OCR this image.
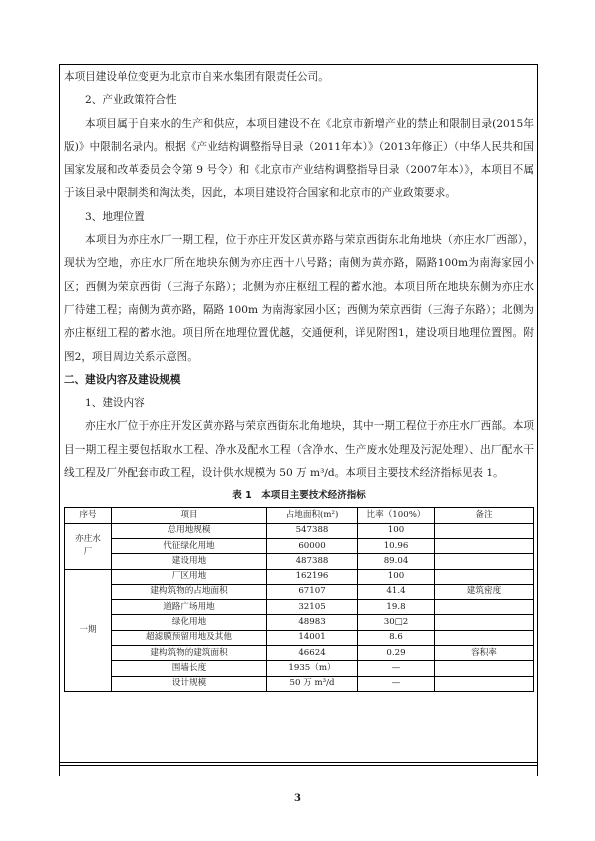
本项目建设单位变更为北京市自来水集团有限责任公司。

2、产业政策符合性

本项目属于自来水的生产和供应，本项目建设不在《北京市新增产业的禁止和限制目录(2015年版)》中限制名录内。根据《产业结构调整指导目录（2011年本）》（2013年修正）（中华人民共和国国家发展和改革委员会令第 9 号令）和《北京市产业结构调整指导目录（2007年本）》，本项目不属于该目录中限制类和淘汰类，因此，本项目建设符合国家和北京市的产业政策要求。

3、地理位置

本项目为亦庄水厂一期工程，位于亦庄开发区黄亦路与荣京西街东北角地块（亦庄水厂西部），现状为空地，亦庄水厂所在地块东侧为亦庄西十八号路；南侧为黄亦路，隔路100m为南海家园小区；西侧为荣京西街（三海子东路）；北侧为亦庄枢纽工程的蓄水池。本项目所在地块东侧为亦庄水厂待建工程；南侧为黄亦路，隔路 100m 为南海家园小区；西侧为荣京西街（三海子东路）；北侧为亦庄枢纽工程的蓄水池。项目所在地理位置优越，交通便利，详见附图1，建设项目地理位置图。附图2，项目周边关系示意图。

二、建设内容及建设规模

1、建设内容

亦庄水厂位于亦庄开发区黄亦路与荣京西街东北角地块，其中一期工程位于亦庄水厂西部。本项目一期工程主要包括取水工程、净水及配水工程（含净水、生产废水处理及污泥处理）、出厂配水干线工程及厂外配套市政工程，设计供水规模为 50 万 m³/d。本项目主要技术经济指标见表 1。

表 1　本项目主要技术经济指标
序号	项目	占地面积(m²)	比率（100%）	备注
亦庄水厂	总用地规模	547388	100	
	代征绿化用地	60000	10.96	
	建设用地	487388	89.04	
一期	厂区用地	162196	100	
	建构筑物的占地面积	67107	41.4	建筑密度
	道路广场用地	32105	19.8	
	绿化用地	48983	30□2	
	超滤膜预留用地及其他	14001	8.6	
	建构筑物的建筑面积	46624	0.29	容积率
	围墙长度	1935（m）	—	
	设计规模	50 万 m³/d	—	
3
